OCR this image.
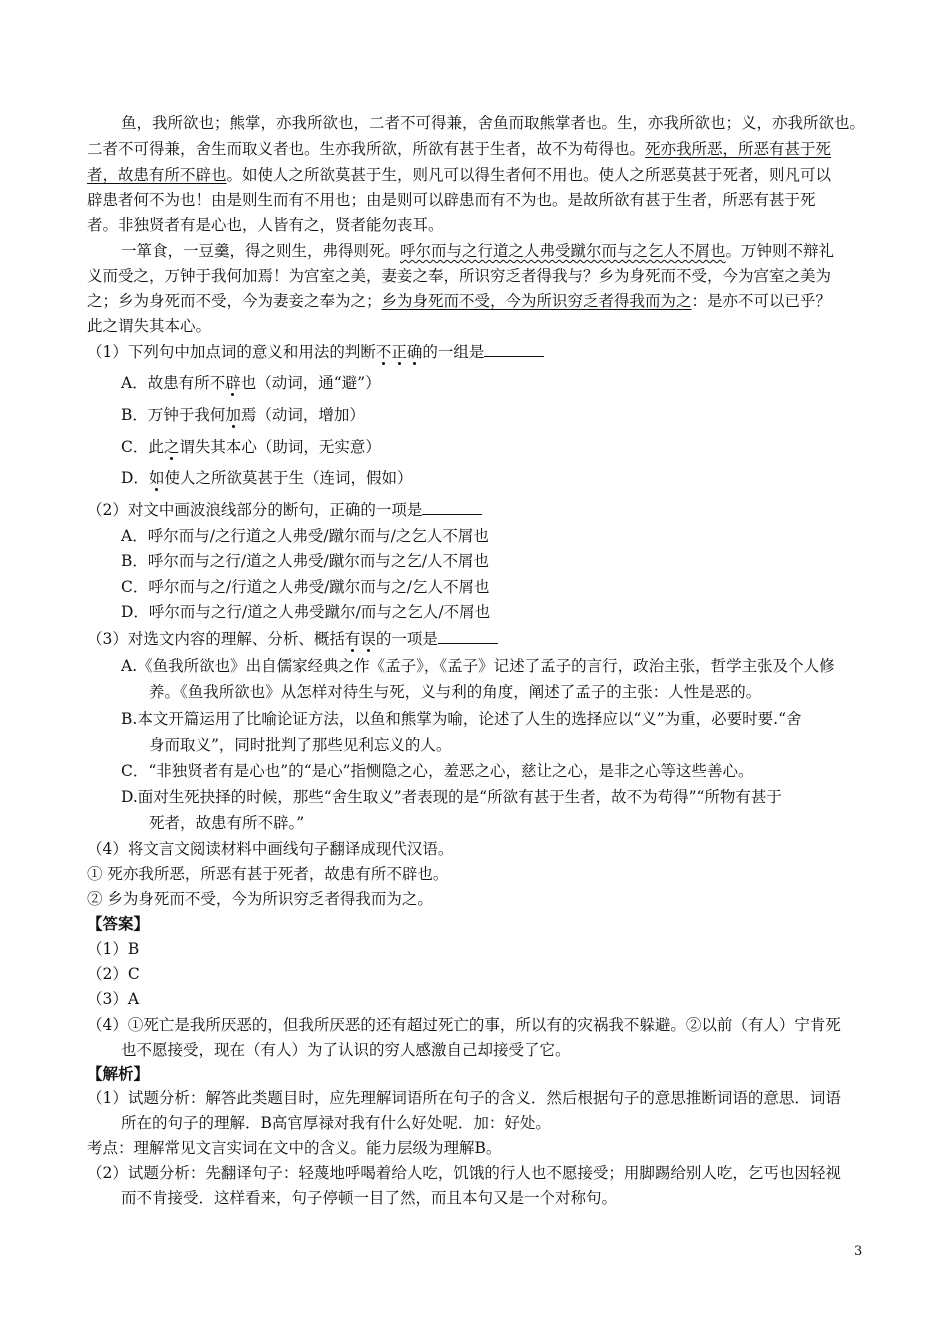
鱼，我所欲也；熊掌，亦我所欲也，二者不可得兼，舍鱼而取熊掌者也。生，亦我所欲也；义，亦我所欲也。
二者不可得兼，舍生而取义者也。生亦我所欲，所欲有甚于生者，故不为苟得也。死亦我所恶，所恶有甚于死
者，故患有所不辟也。如使人之所欲莫甚于生，则凡可以得生者何不用也。使人之所恶莫甚于死者，则凡可以
辟患者何不为也！由是则生而有不用也；由是则可以辟患而有不为也。是故所欲有甚于生者，所恶有甚于死
者。非独贤者有是心也，人皆有之，贤者能勿丧耳。
一箪食，一豆羹，得之则生，弗得则死。呼尔而与之行道之人弗受蹴尔而与之乞人不屑也。万钟则不辩礼
义而受之，万钟于我何加焉！为宫室之美，妻妾之奉，所识穷乏者得我与？乡为身死而不受，今为宫室之美为
之；乡为身死而不受，今为妻妾之奉为之；乡为身死而不受，今为所识穷乏者得我而为之：是亦不可以已乎？
此之谓失其本心。
（1）下列句中加点词的意义和用法的判断不正确的一组是
A．故患有所不辟也（动词，通“避”）
B．万钟于我何加焉（动词，增加）
C．此之谓失其本心（助词，无实意）
D．如使人之所欲莫甚于生（连词，假如）
（2）对文中画波浪线部分的断句，正确的一项是
A．呼尔而与/之行道之人弗受/蹴尔而与/之乞人不屑也
B．呼尔而与之行/道之人弗受/蹴尔而与之乞/人不屑也
C．呼尔而与之/行道之人弗受/蹴尔而与之/乞人不屑也
D．呼尔而与之行/道之人弗受蹴尔/而与之乞人/不屑也
（3）对选文内容的理解、分析、概括有误的一项是
A.《鱼我所欲也》出自儒家经典之作《孟子》，《孟子》记述了孟子的言行，政治主张，哲学主张及个人修
养。《鱼我所欲也》从怎样对待生与死，义与利的角度，阐述了孟子的主张：人性是恶的。
B.本文开篇运用了比喻论证方法，以鱼和熊掌为喻，论述了人生的选择应以“义”为重，必要时要.“舍
身而取义”，同时批判了那些见利忘义的人。
C．“非独贤者有是心也”的“是心”指恻隐之心，羞恶之心，慈让之心，是非之心等这些善心。
D.面对生死抉择的时候，那些“舍生取义”者表现的是“所欲有甚于生者，故不为苟得”“所物有甚于
死者，故患有所不辟。”
（4）将文言文阅读材料中画线句子翻译成现代汉语。
① 死亦我所恶，所恶有甚于死者，故患有所不辟也。
② 乡为身死而不受，今为所识穷乏者得我而为之。
【答案】
（1）B
（2）C
（3）A
（4）①死亡是我所厌恶的，但我所厌恶的还有超过死亡的事，所以有的灾祸我不躲避。②以前（有人）宁肯死
也不愿接受，现在（有人）为了认识的穷人感激自己却接受了它。
【解析】
（1）试题分析：解答此类题目时，应先理解词语所在句子的含义．然后根据句子的意思推断词语的意思．词语
所在的句子的理解．B高官厚禄对我有什么好处呢．加：好处。
考点：理解常见文言实词在文中的含义。能力层级为理解B。
（2）试题分析：先翻译句子：轻蔑地呼喝着给人吃，饥饿的行人也不愿接受；用脚踢给别人吃，乞丐也因轻视
而不肯接受．这样看来，句子停顿一目了然，而且本句又是一个对称句。
3
